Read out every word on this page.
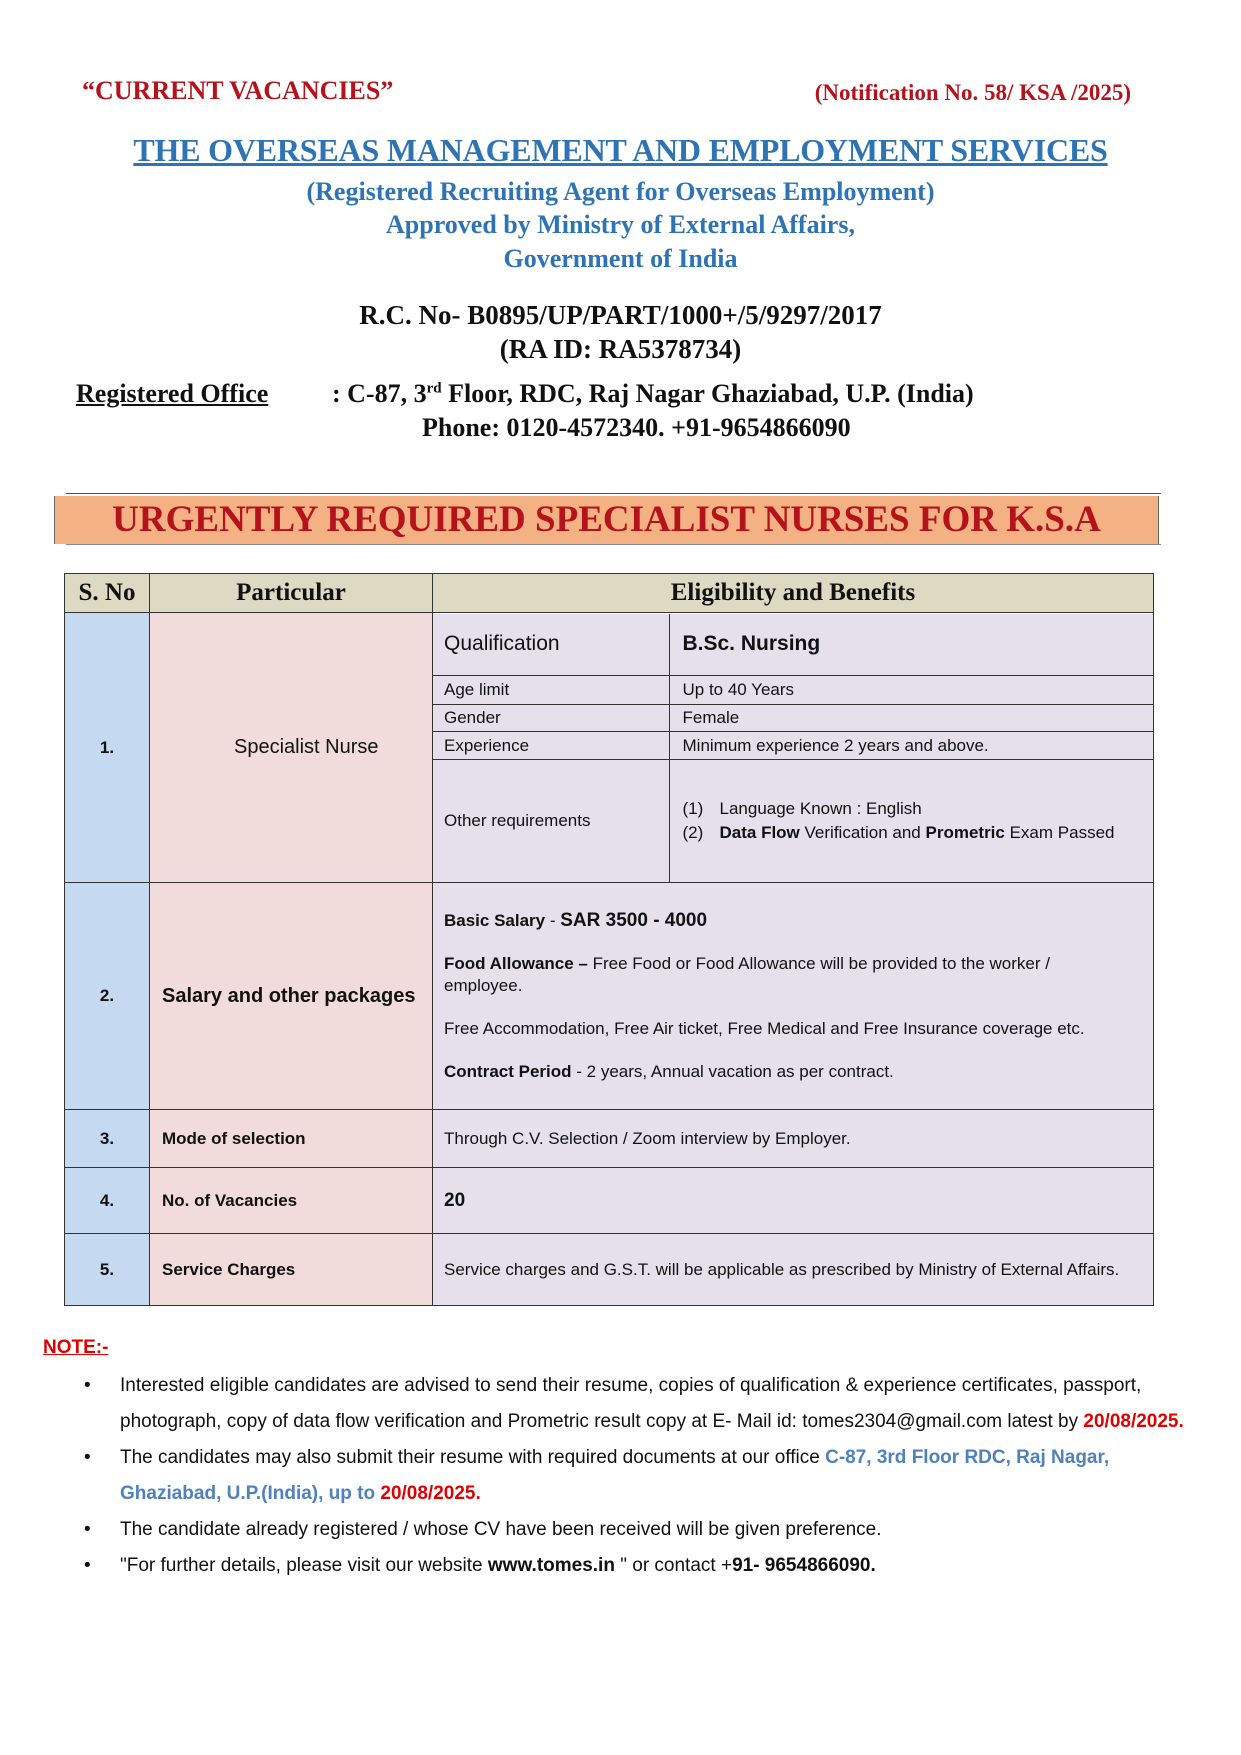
“CURRENT VACANCIES”	(Notification No. 58/ KSA /2025)
THE OVERSEAS MANAGEMENT AND EMPLOYMENT SERVICES
(Registered Recruiting Agent for Overseas Employment)
Approved by Ministry of External Affairs,
Government of India
R.C. No- B0895/UP/PART/1000+/5/9297/2017
(RA ID: RA5378734)
Registered Office : C-87, 3rd Floor, RDC, Raj Nagar Ghaziabad, U.P. (India)
Phone: 0120-4572340. +91-9654866090
URGENTLY REQUIRED SPECIALIST NURSES FOR K.S.A
S. No	Particular	Eligibility and Benefits
1.	Specialist Nurse	
Qualification	B.Sc. Nursing
Age limit	Up to 40 Years
Gender	Female
Experience	Minimum experience 2 years and above.
Other requirements	
(1) Language Known : English
(2) Data Flow Verification and Prometric Exam Passed

2.	Salary and other packages	

Basic Salary - SAR 3500 - 4000

Food Allowance – Free Food or Food Allowance will be provided to the worker / employee.

Free Accommodation, Free Air ticket, Free Medical and Free Insurance coverage etc.

Contract Period - 2 years, Annual vacation as per contract.

3.	Mode of selection	Through C.V. Selection / Zoom interview by Employer.
4.	No. of Vacancies	20
5.	Service Charges	Service charges and G.S.T. will be applicable as prescribed by Ministry of External Affairs.
NOTE:-
• Interested eligible candidates are advised to send their resume, copies of qualification & experience certificates, passport, photograph, copy of data flow verification and Prometric result copy at E- Mail id: tomes2304@gmail.com latest by 20/08/2025.
• The candidates may also submit their resume with required documents at our office C-87, 3rd Floor RDC, Raj Nagar, Ghaziabad, U.P.(India), up to 20/08/2025.
• The candidate already registered / whose CV have been received will be given preference.
• "For further details, please visit our website www.tomes.in " or contact +91- 9654866090.
